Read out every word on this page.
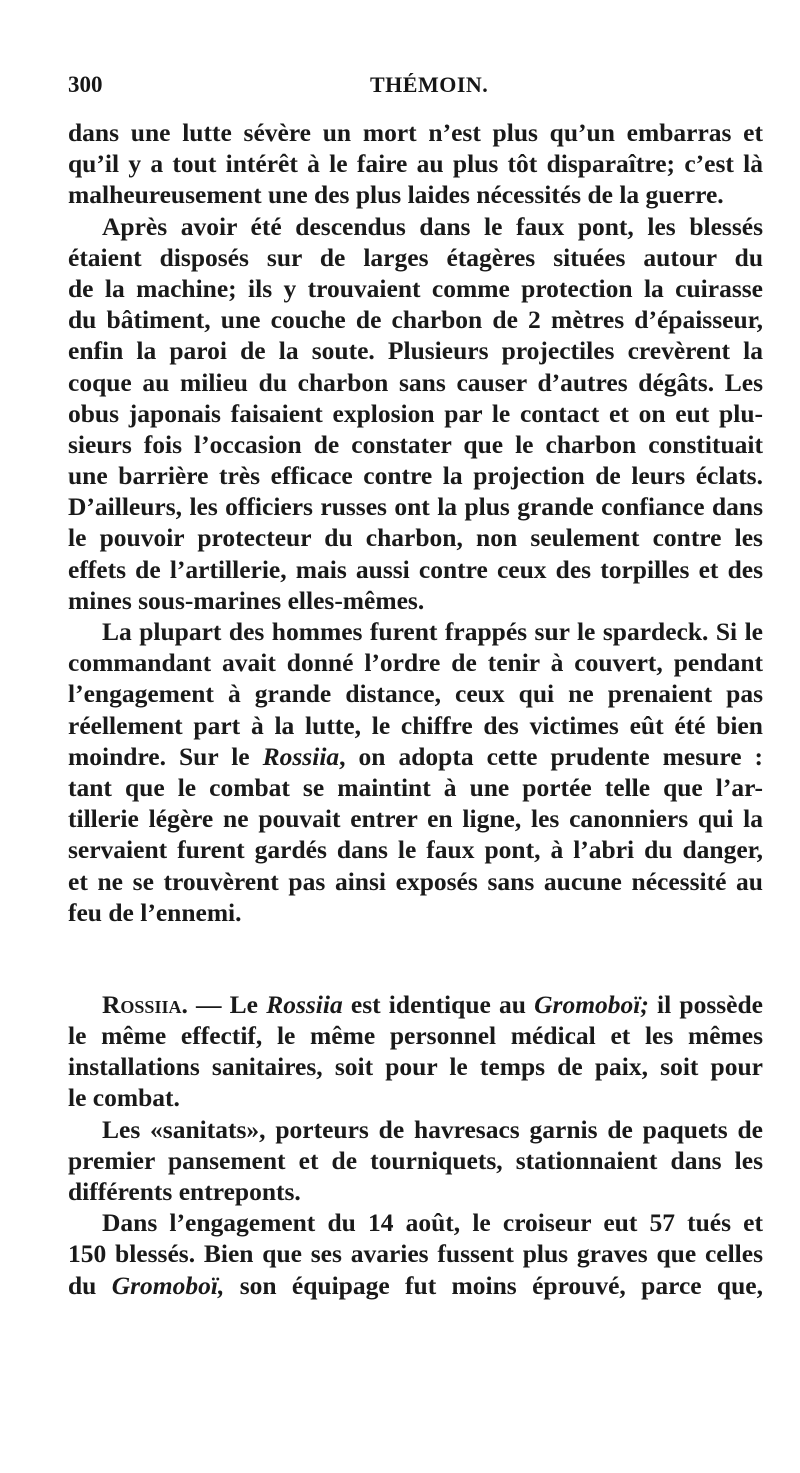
300	THÉMOIN.
dans une lutte sévère un mort n’est plus qu’un embarras et
qu’il y a tout intérêt à le faire au plus tôt disparaître; c’est là
malheureusement une des plus laides nécessités de la guerre.
Après avoir été descendus dans le faux pont, les blessés
étaient disposés sur de larges étagères situées autour du
de la machine; ils y trouvaient comme protection la cuirasse
du bâtiment, une couche de charbon de 2 mètres d’épaisseur,
enfin la paroi de la soute. Plusieurs projectiles crevèrent la
coque au milieu du charbon sans causer d’autres dégâts. Les
obus japonais faisaient explosion par le contact et on eut plu-
sieurs fois l’occasion de constater que le charbon constituait
une barrière très efficace contre la projection de leurs éclats.
D’ailleurs, les officiers russes ont la plus grande confiance dans
le pouvoir protecteur du charbon, non seulement contre les
effets de l’artillerie, mais aussi contre ceux des torpilles et des
mines sous-marines elles-mêmes.
La plupart des hommes furent frappés sur le spardeck. Si le
commandant avait donné l’ordre de tenir à couvert, pendant
l’engagement à grande distance, ceux qui ne prenaient pas
réellement part à la lutte, le chiffre des victimes eût été bien
moindre. Sur le Rossiia, on adopta cette prudente mesure :
tant que le combat se maintint à une portée telle que l’ar-
tillerie légère ne pouvait entrer en ligne, les canonniers qui la
servaient furent gardés dans le faux pont, à l’abri du danger,
et ne se trouvèrent pas ainsi exposés sans aucune nécessité au
feu de l’ennemi.
Rossiia. — Le Rossiia est identique au Gromoboï; il possède
le même effectif, le même personnel médical et les mêmes
installations sanitaires, soit pour le temps de paix, soit pour
le combat.
Les «sanitats», porteurs de havresacs garnis de paquets de
premier pansement et de tourniquets, stationnaient dans les
différents entreponts.
Dans l’engagement du 14 août, le croiseur eut 57 tués et
150 blessés. Bien que ses avaries fussent plus graves que celles
du Gromoboï, son équipage fut moins éprouvé, parce que,
